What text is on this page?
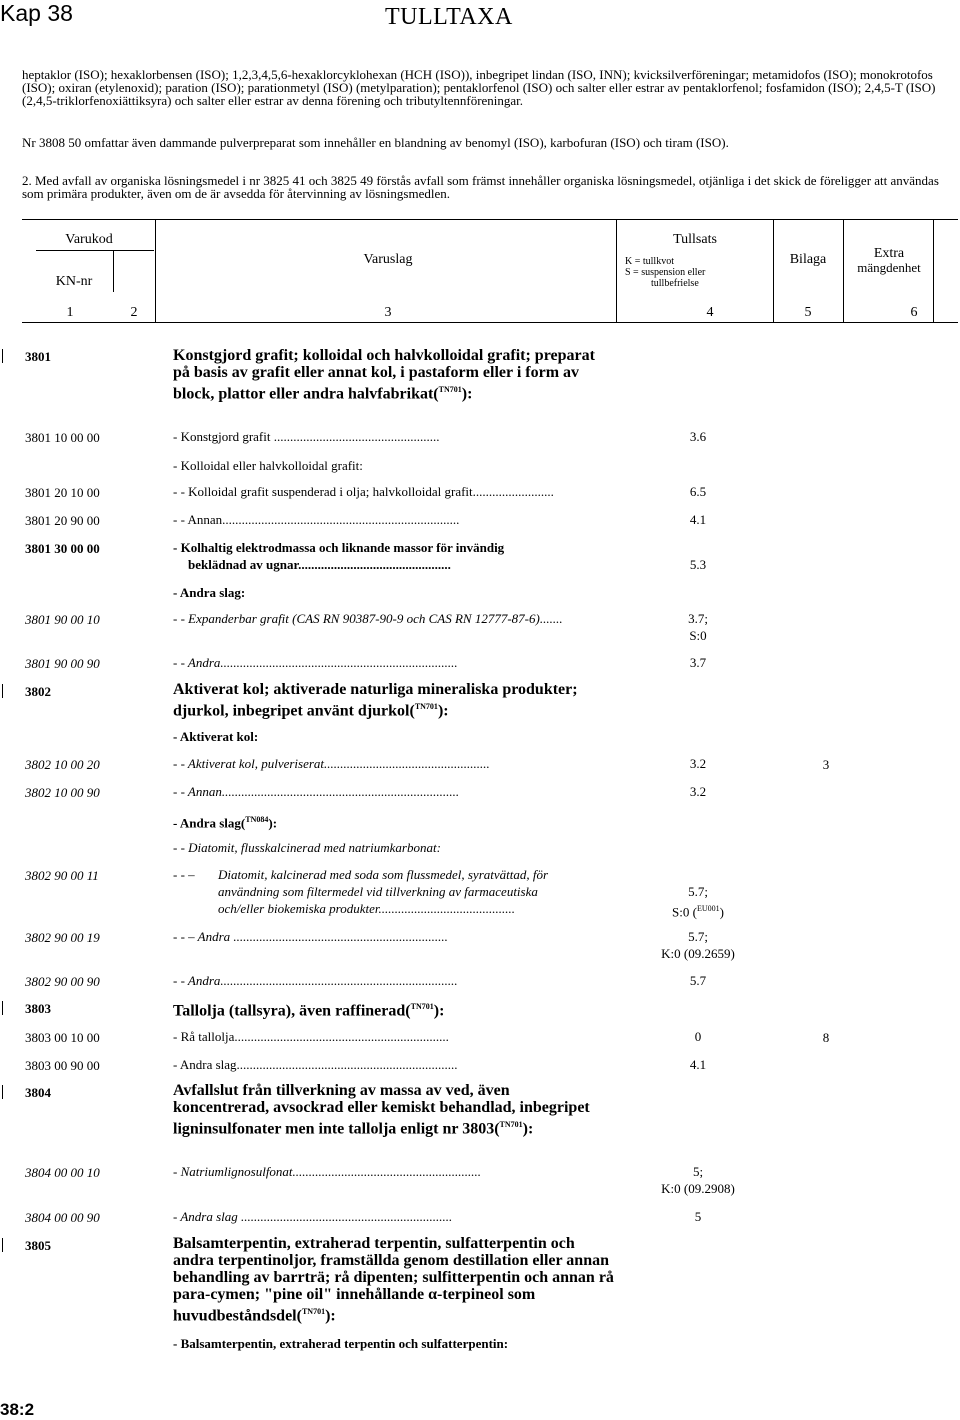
Kap 38	TULLTAXA
heptaklor (ISO); hexaklorbensen (ISO); 1,2,3,4,5,6-hexaklorcyklohexan (HCH (ISO)), inbegripet lindan (ISO, INN); kvicksilverföreningar; metamidofos (ISO); monokrotofos (ISO); oxiran (etylenoxid); paration (ISO); parationmetyl (ISO) (metylparation); pentaklorfenol (ISO) och salter eller estrar av pentaklorfenol; fosfamidon (ISO); 2,4,5-T (ISO) (2,4,5-triklorfenoxiättiksyra) och salter eller estrar av denna förening och tributyltennföreningar.
Nr 3808 50 omfattar även dammande pulverpreparat som innehåller en blandning av benomyl (ISO), karbofuran (ISO) och tiram (ISO).
2. Med avfall av organiska lösningsmedel i nr 3825 41 och 3825 49 förstås avfall som främst innehåller organiska lösningsmedel, otjänliga i det skick de föreligger att användas som primära produkter, även om de är avsedda för återvinning av lösningsmedlen.
Varukod
KN-nr
Varuslag
Tullsats
K = tullkvot
S = suspension eller
tullbefrielse
Bilaga	Extra
mängdenhet
1	2	3	4	5	6
3801	Konstgjord grafit; kolloidal och halvkolloidal grafit; preparat på basis av grafit eller annat kol, i pastaform eller i form av block, plattor eller andra halvfabrikat($^{TN701}$):
3801 10 00 00	- Konstgjord grafit ...................................................	3.6
- Kolloidal eller halvkolloidal grafit:
3801 20 10 00	- - Kolloidal grafit suspenderad i olja; halvkolloidal grafit.........................	6.5
3801 20 90 00	- - Annan.........................................................................	4.1
3801 30 00 00	- Kolhaltig elektrodmassa och liknande massor för invändig
beklädnad av ugnar...............................................	5.3
- Andra slag:
3801 90 00 10	- - Expanderbar grafit (CAS RN 90387-90-9 och CAS RN 12777-87-6).......	3.7;
S:0
3801 90 00 90	- - Andra.........................................................................	3.7
3802	Aktiverat kol; aktiverade naturliga mineraliska produkter; djurkol, inbegripet använt djurkol($^{TN701}$):
- Aktiverat kol:
3802 10 00 20	- - Aktiverat kol, pulveriserat...................................................	3.2	3
3802 10 00 90	- - Annan.........................................................................	3.2
- Andra slag($^{TN084}$):
- - Diatomit, flusskalcinerad med natriumkarbonat:
3802 90 00 11	- - – Diatomit, kalcinerad med soda som flussmedel, syratvättad, för
användning som filtermedel vid tillverkning av farmaceutiska
och/eller biokemiska produkter..........................................
5.7;
S:0 ($^{EU001}$)
3802 90 00 19	- - – Andra ..................................................................	5.7;
K:0 (09.2659)
3802 90 00 90	- - Andra.........................................................................	5.7
3803	Tallolja (tallsyra), även raffinerad($^{TN701}$):
3803 00 10 00	- Rå tallolja..................................................................	0	8
3803 00 90 00	- Andra slag....................................................................	4.1
3804	Avfallslut från tillverkning av massa av ved, även koncentrerad, avsockrad eller kemiskt behandlad, inbegripet ligninsulfonater men inte tallolja enligt nr 3803($^{TN701}$):
3804 00 00 10	- Natriumlignosulfonat..........................................................	5;
K:0 (09.2908)
3804 00 00 90	- Andra slag .................................................................	5
3805	Balsamterpentin, extraherad terpentin, sulfatterpentin och andra terpentinoljor, framställda genom destillation eller annan behandling av barrträ; rå dipenten; sulfitterpentin och annan rå para-cymen; "pine oil" innehållande α-terpineol som huvudbeståndsdel($^{TN701}$):
- Balsamterpentin, extraherad terpentin och sulfatterpentin:
38:2
